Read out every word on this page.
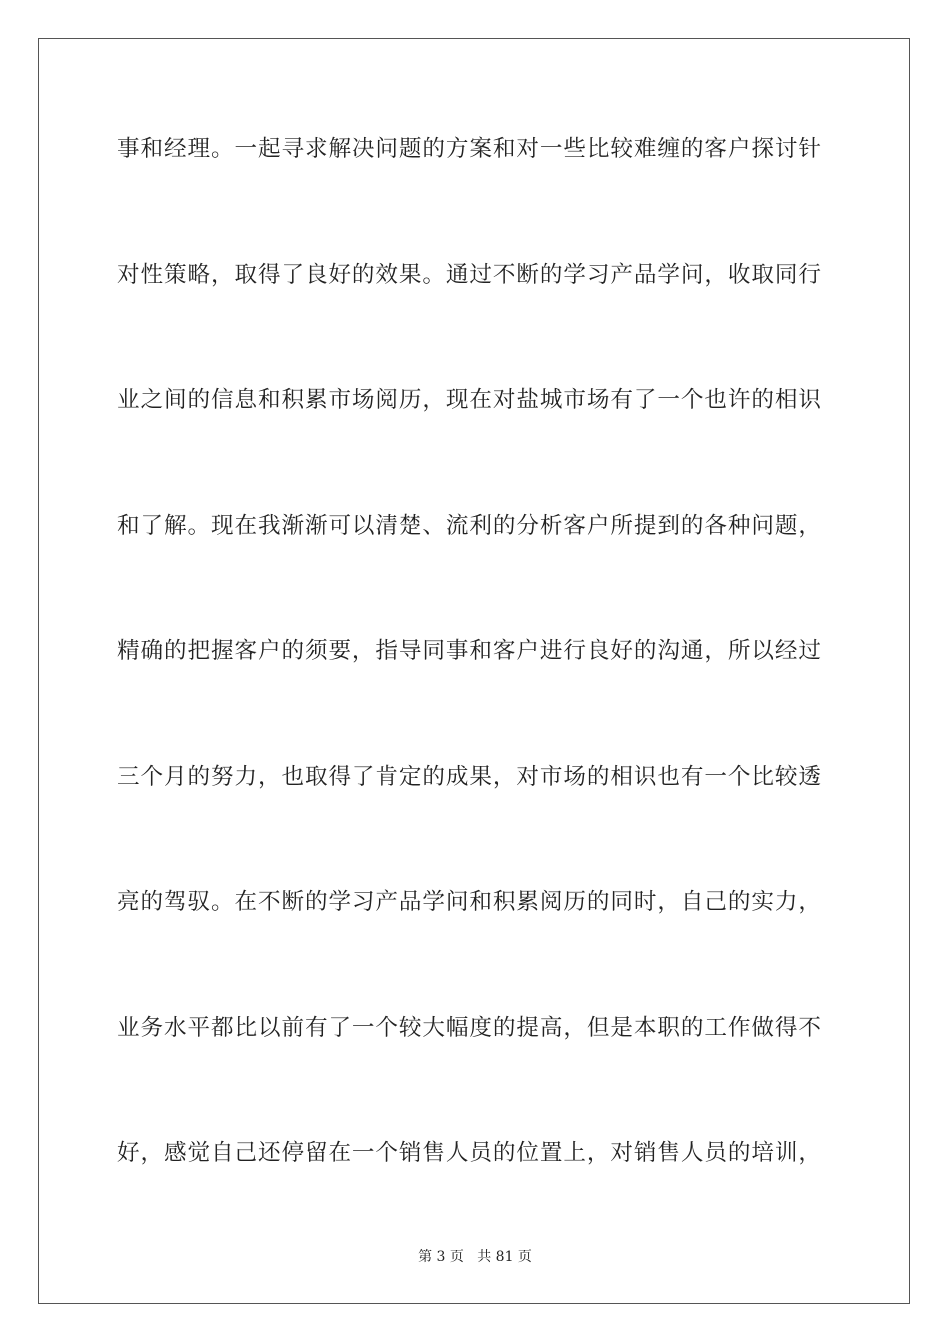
事和经理。一起寻求解决问题的方案和对一些比较难缠的客户探讨针
对性策略，取得了良好的效果。通过不断的学习产品学问，收取同行
业之间的信息和积累市场阅历，现在对盐城市场有了一个也许的相识
和了解。现在我渐渐可以清楚、流利的分析客户所提到的各种问题，
精确的把握客户的须要，指导同事和客户进行良好的沟通，所以经过
三个月的努力，也取得了肯定的成果，对市场的相识也有一个比较透
亮的驾驭。在不断的学习产品学问和积累阅历的同时，自己的实力，
业务水平都比以前有了一个较大幅度的提高，但是本职的工作做得不
好，感觉自己还停留在一个销售人员的位置上，对销售人员的培训，
第 3 页   共 81 页
